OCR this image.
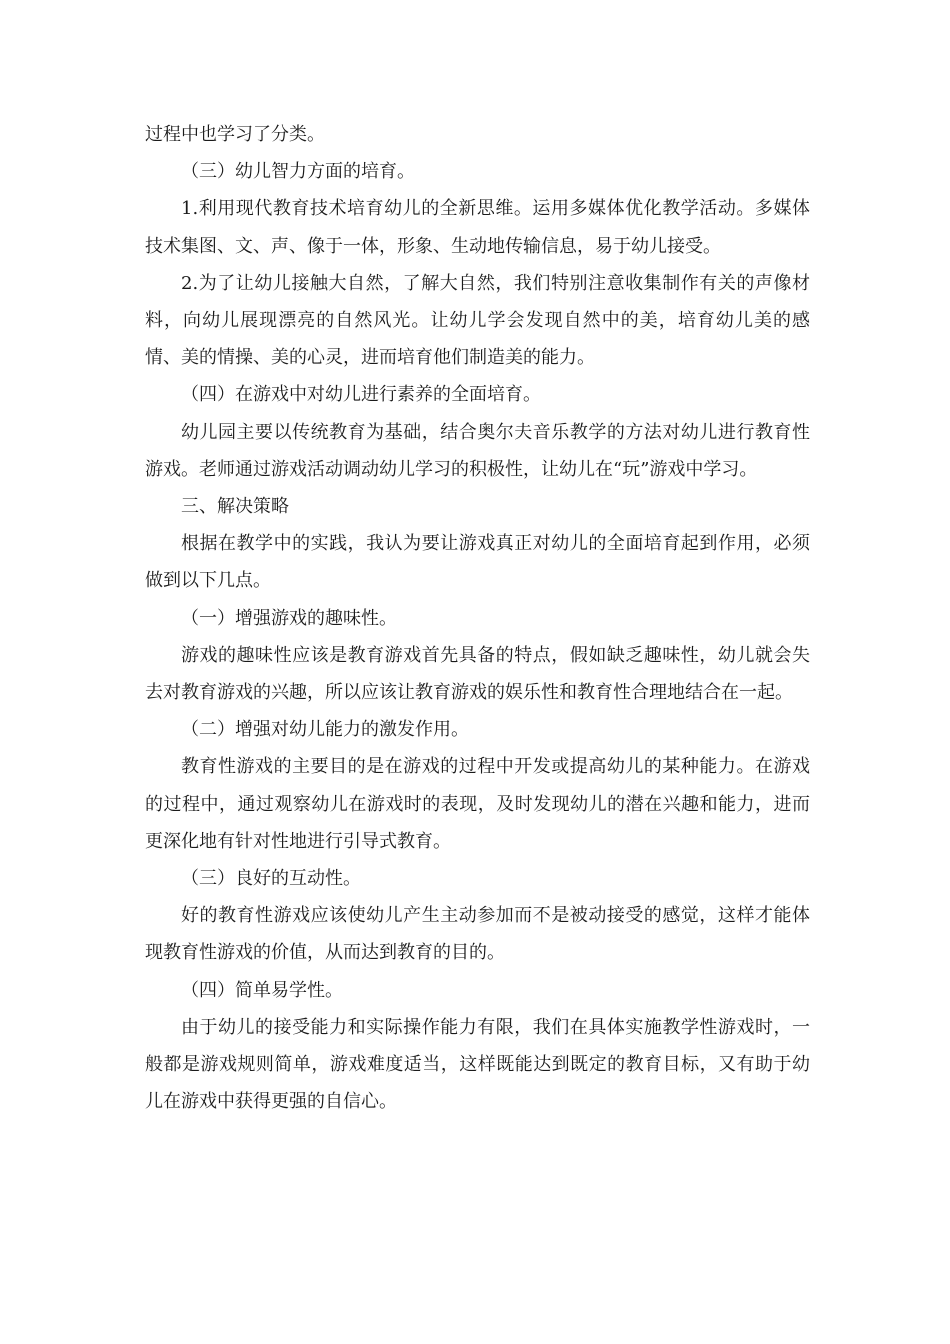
过程中也学习了分类。

（三）幼儿智力方面的培育。

1.利用现代教育技术培育幼儿的全新思维。运用多媒体优化教学活动。多媒体技术集图、文、声、像于一体，形象、生动地传输信息，易于幼儿接受。

2.为了让幼儿接触大自然，了解大自然，我们特别注意收集制作有关的声像材料，向幼儿展现漂亮的自然风光。让幼儿学会发现自然中的美，培育幼儿美的感情、美的情操、美的心灵，进而培育他们制造美的能力。

（四）在游戏中对幼儿进行素养的全面培育。

幼儿园主要以传统教育为基础，结合奥尔夫音乐教学的方法对幼儿进行教育性游戏。老师通过游戏活动调动幼儿学习的积极性，让幼儿在“玩”游戏中学习。

三、解决策略

根据在教学中的实践，我认为要让游戏真正对幼儿的全面培育起到作用，必须做到以下几点。

（一）增强游戏的趣味性。

游戏的趣味性应该是教育游戏首先具备的特点，假如缺乏趣味性，幼儿就会失去对教育游戏的兴趣，所以应该让教育游戏的娱乐性和教育性合理地结合在一起。

（二）增强对幼儿能力的激发作用。

教育性游戏的主要目的是在游戏的过程中开发或提高幼儿的某种能力。在游戏的过程中，通过观察幼儿在游戏时的表现，及时发现幼儿的潜在兴趣和能力，进而更深化地有针对性地进行引导式教育。

（三）良好的互动性。

好的教育性游戏应该使幼儿产生主动参加而不是被动接受的感觉，这样才能体现教育性游戏的价值，从而达到教育的目的。

（四）简单易学性。

由于幼儿的接受能力和实际操作能力有限，我们在具体实施教学性游戏时，一般都是游戏规则简单，游戏难度适当，这样既能达到既定的教育目标，又有助于幼儿在游戏中获得更强的自信心。
